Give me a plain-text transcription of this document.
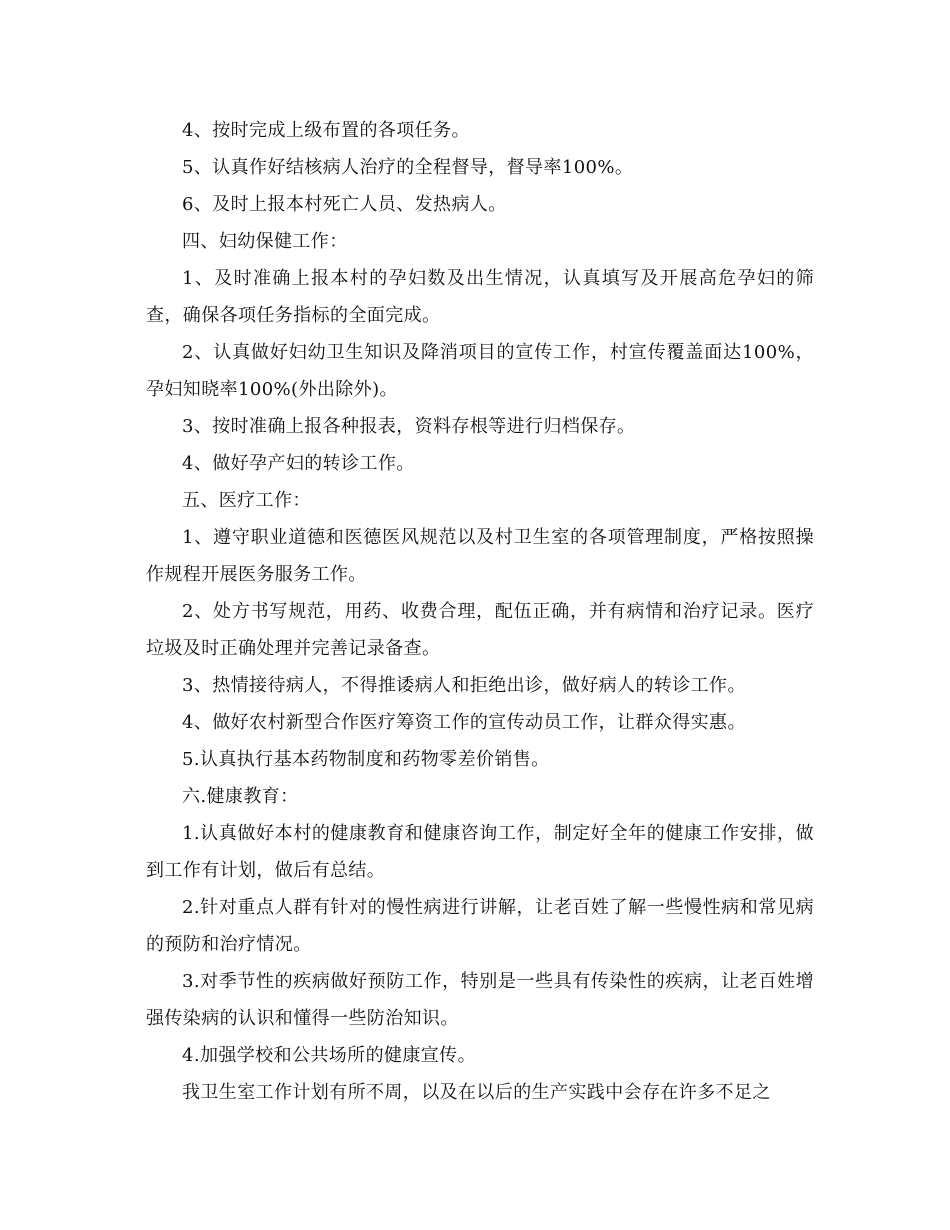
4、按时完成上级布置的各项任务。

5、认真作好结核病人治疗的全程督导，督导率100%。

6、及时上报本村死亡人员、发热病人。

四、妇幼保健工作：

1、及时准确上报本村的孕妇数及出生情况，认真填写及开展高危孕妇的筛查，确保各项任务指标的全面完成。

2、认真做好妇幼卫生知识及降消项目的宣传工作，村宣传覆盖面达100%，孕妇知晓率100%(外出除外)。

3、按时准确上报各种报表，资料存根等进行归档保存。

4、做好孕产妇的转诊工作。

五、医疗工作：

1、遵守职业道德和医德医风规范以及村卫生室的各项管理制度，严格按照操作规程开展医务服务工作。

2、处方书写规范，用药、收费合理，配伍正确，并有病情和治疗记录。医疗垃圾及时正确处理并完善记录备查。

3、热情接待病人，不得推诿病人和拒绝出诊，做好病人的转诊工作。

4、做好农村新型合作医疗筹资工作的宣传动员工作，让群众得实惠。

5.认真执行基本药物制度和药物零差价销售。

六.健康教育：

1.认真做好本村的健康教育和健康咨询工作，制定好全年的健康工作安排，做到工作有计划，做后有总结。

2.针对重点人群有针对的慢性病进行讲解，让老百姓了解一些慢性病和常见病的预防和治疗情况。

3.对季节性的疾病做好预防工作，特别是一些具有传染性的疾病，让老百姓增强传染病的认识和懂得一些防治知识。

4.加强学校和公共场所的健康宣传。

我卫生室工作计划有所不周，以及在以后的生产实践中会存在许多不足之
